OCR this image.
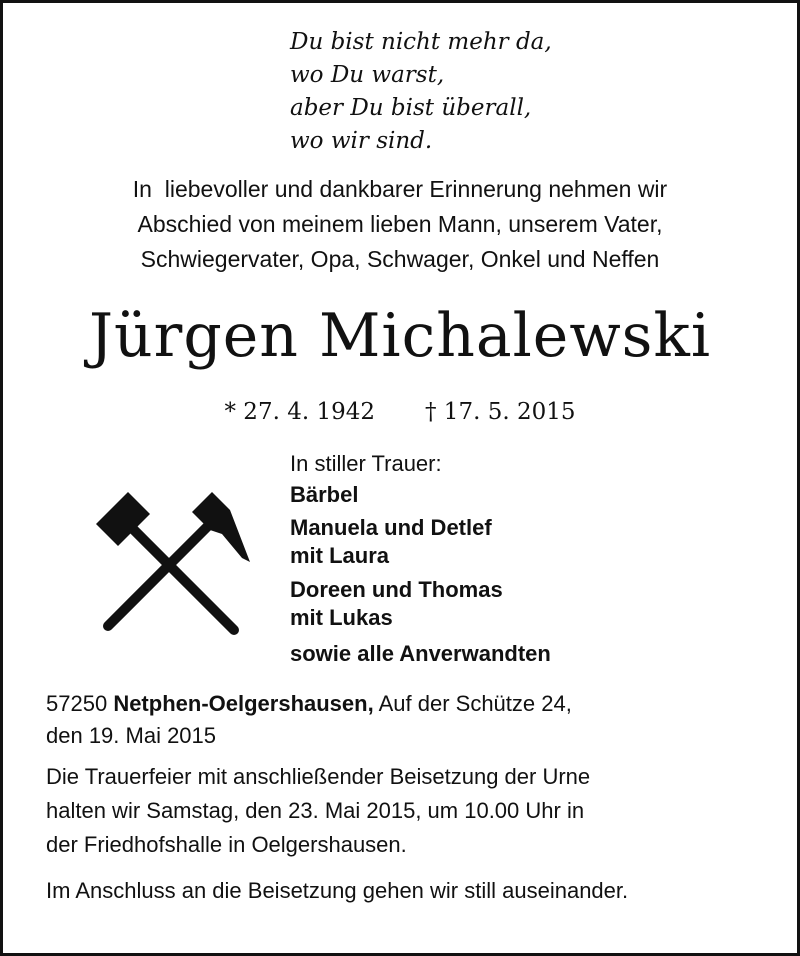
Du bist nicht mehr da,
wo Du warst,
aber Du bist überall,
wo wir sind.
In  liebevoller und dankbarer Erinnerung nehmen wir
Abschied von meinem lieben Mann, unserem Vater,
Schwiegervater, Opa, Schwager, Onkel und Neffen
Jürgen Michalewski
* 27. 4. 1942 † 17. 5. 2015
In stiller Trauer:
Bärbel
Manuela und Detlef
mit Laura
Doreen und Thomas
mit Lukas
sowie alle Anverwandten
57250 Netphen-Oelgershausen, Auf der Schütze 24,
den 19. Mai 2015
Die Trauerfeier mit anschließender Beisetzung der Urne
halten wir Samstag, den 23. Mai 2015, um 10.00 Uhr in
der Friedhofshalle in Oelgershausen.
Im Anschluss an die Beisetzung gehen wir still auseinander.
